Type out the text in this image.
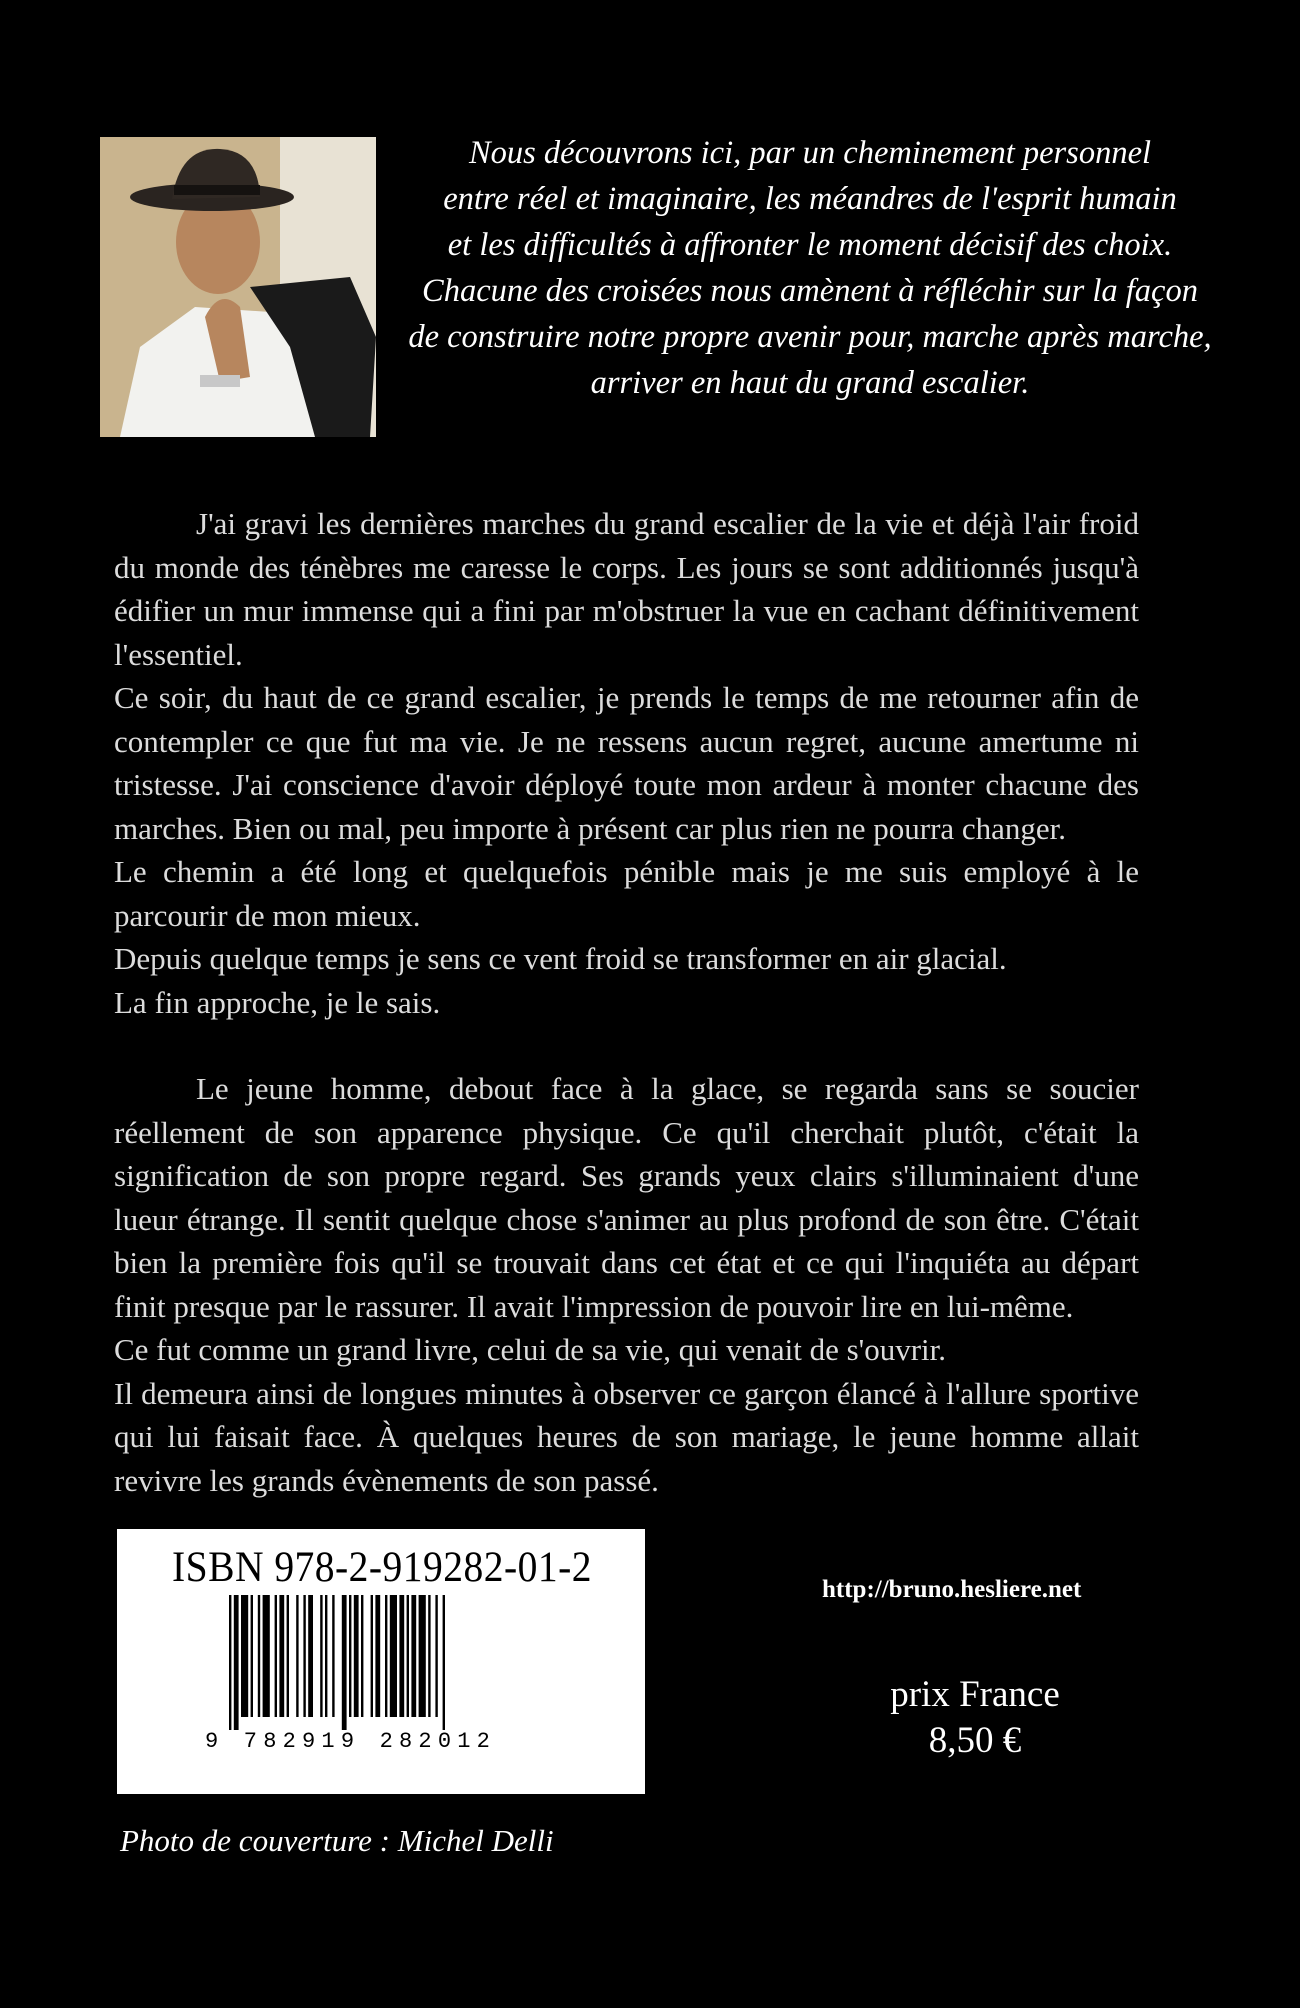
Nous découvrons ici, par un cheminement personnel

entre réel et imaginaire, les méandres de l'esprit humain

et les difficultés à affronter le moment décisif des choix.

Chacune des croisées nous amènent à réfléchir sur la façon

de construire notre propre avenir pour, marche après marche,

arriver en haut du grand escalier.

J'ai gravi les dernières marches du grand escalier de la vie et déjà l'air froid du monde des ténèbres me caresse le corps. Les jours se sont additionnés jusqu'à édifier un mur immense qui a fini par m'obstruer la vue en cachant définitivement l'essentiel.

Ce soir, du haut de ce grand escalier, je prends le temps de me retourner afin de contempler ce que fut ma vie. Je ne ressens aucun regret, aucune amertume ni tristesse. J'ai conscience d'avoir déployé toute mon ardeur à monter chacune des marches. Bien ou mal, peu importe à présent car plus rien ne pourra changer.

Le chemin a été long et quelquefois pénible mais je me suis employé à le parcourir de mon mieux.

Depuis quelque temps je sens ce vent froid se transformer en air glacial.

La fin approche, je le sais.

Le jeune homme, debout face à la glace, se regarda sans se soucier réellement de son apparence physique. Ce qu'il cherchait plutôt, c'était la signification de son propre regard. Ses grands yeux clairs s'illuminaient d'une lueur étrange. Il sentit quelque chose s'animer au plus profond de son être. C'était bien la première fois qu'il se trouvait dans cet état et ce qui l'inquiéta au départ finit presque par le rassurer. Il avait l'impression de pouvoir lire en lui-même.

Ce fut comme un grand livre, celui de sa vie, qui venait de s'ouvrir.

Il demeura ainsi de longues minutes à observer ce garçon élancé à l'allure sportive qui lui faisait face. À quelques heures de son mariage, le jeune homme allait revivre les grands évènements de son passé.

ISBN 978-2-919282-01-2
9 782919 282012
http://bruno.hesliere.net
prix France
8,50 €
Photo de couverture : Michel Delli
